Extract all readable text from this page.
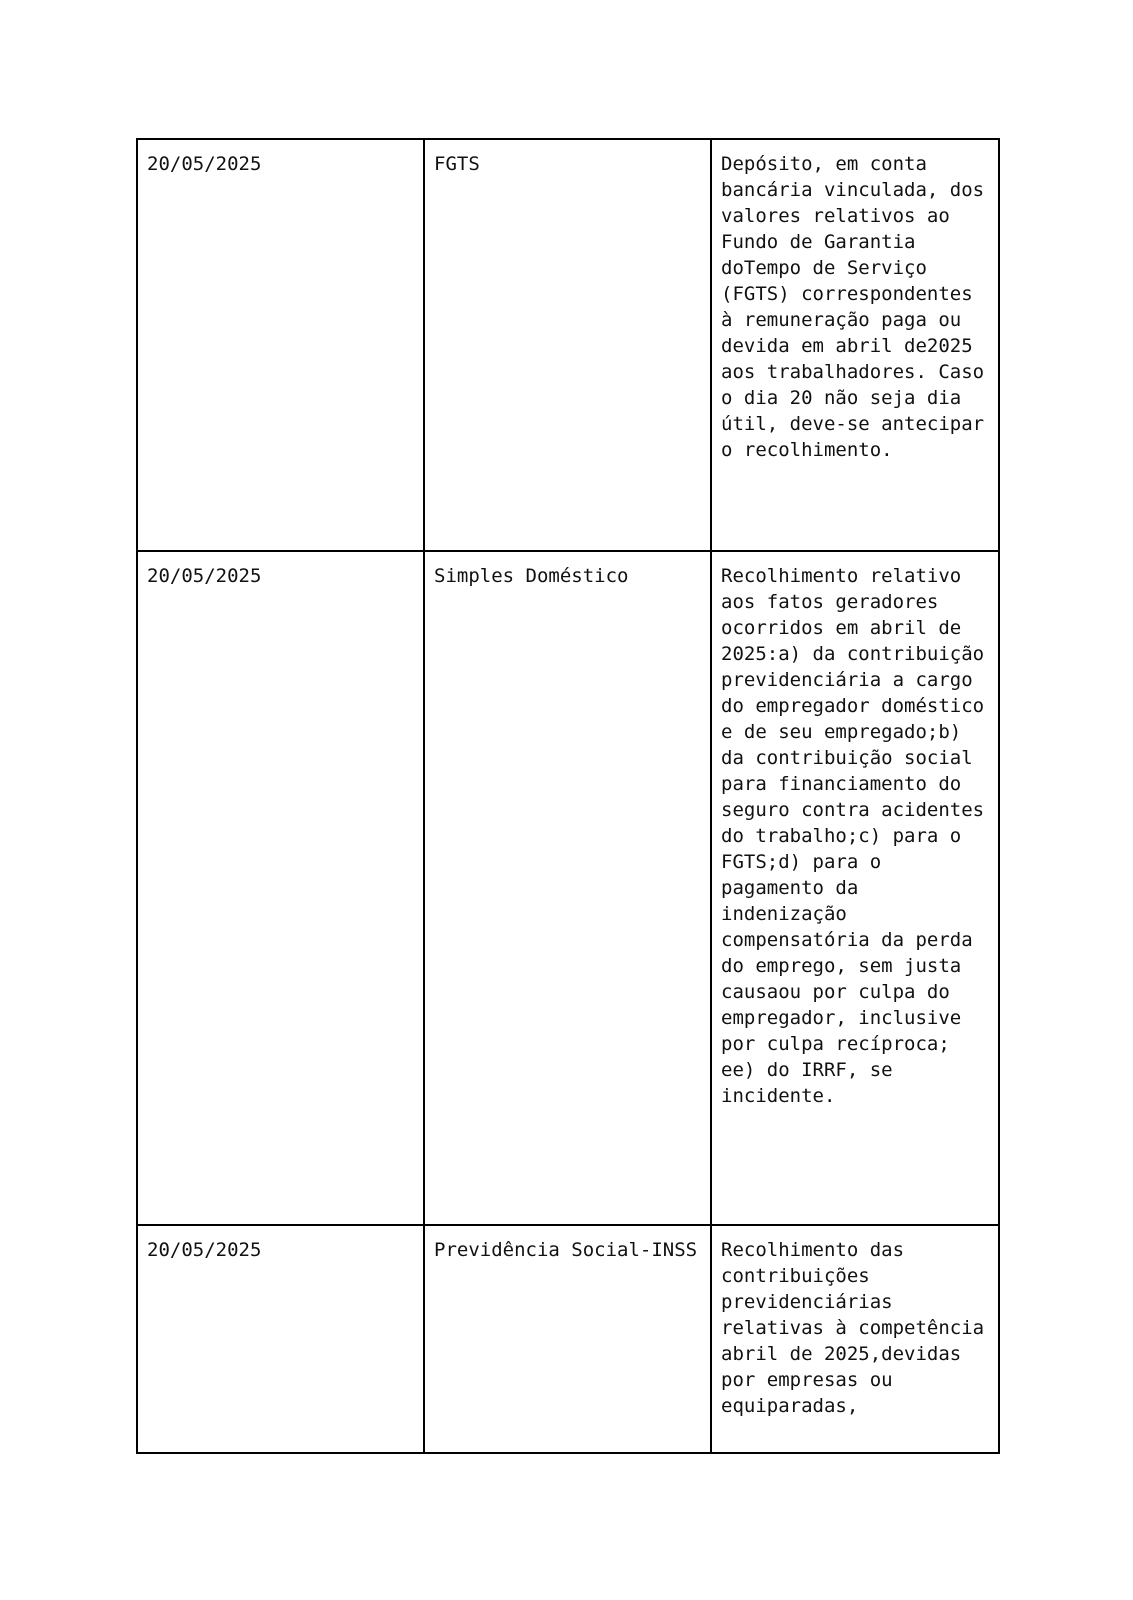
20/05/2025	FGTS	Depósito, em conta bancária vinculada, dos valores relativos ao Fundo de Garantia doTempo de Serviço (FGTS) correspondentes à remuneração paga ou devida em abril de2025 aos trabalhadores. Caso o dia 20 não seja dia útil, deve-se antecipar o recolhimento.
20/05/2025	Simples Doméstico	Recolhimento relativo aos fatos geradores ocorridos em abril de 2025:a) da contribuição previdenciária a cargo do empregador doméstico e de seu empregado;b) da contribuição social para financiamento do seguro contra acidentes do trabalho;c) para o FGTS;d) para o pagamento da indenização compensatória da perda do emprego, sem justa causaou por culpa do empregador, inclusive por culpa recíproca; ee) do IRRF, se incidente.
20/05/2025	Previdência Social-INSS	Recolhimento das contribuições previdenciárias relativas à competência abril de 2025,devidas por empresas ou equiparadas,
